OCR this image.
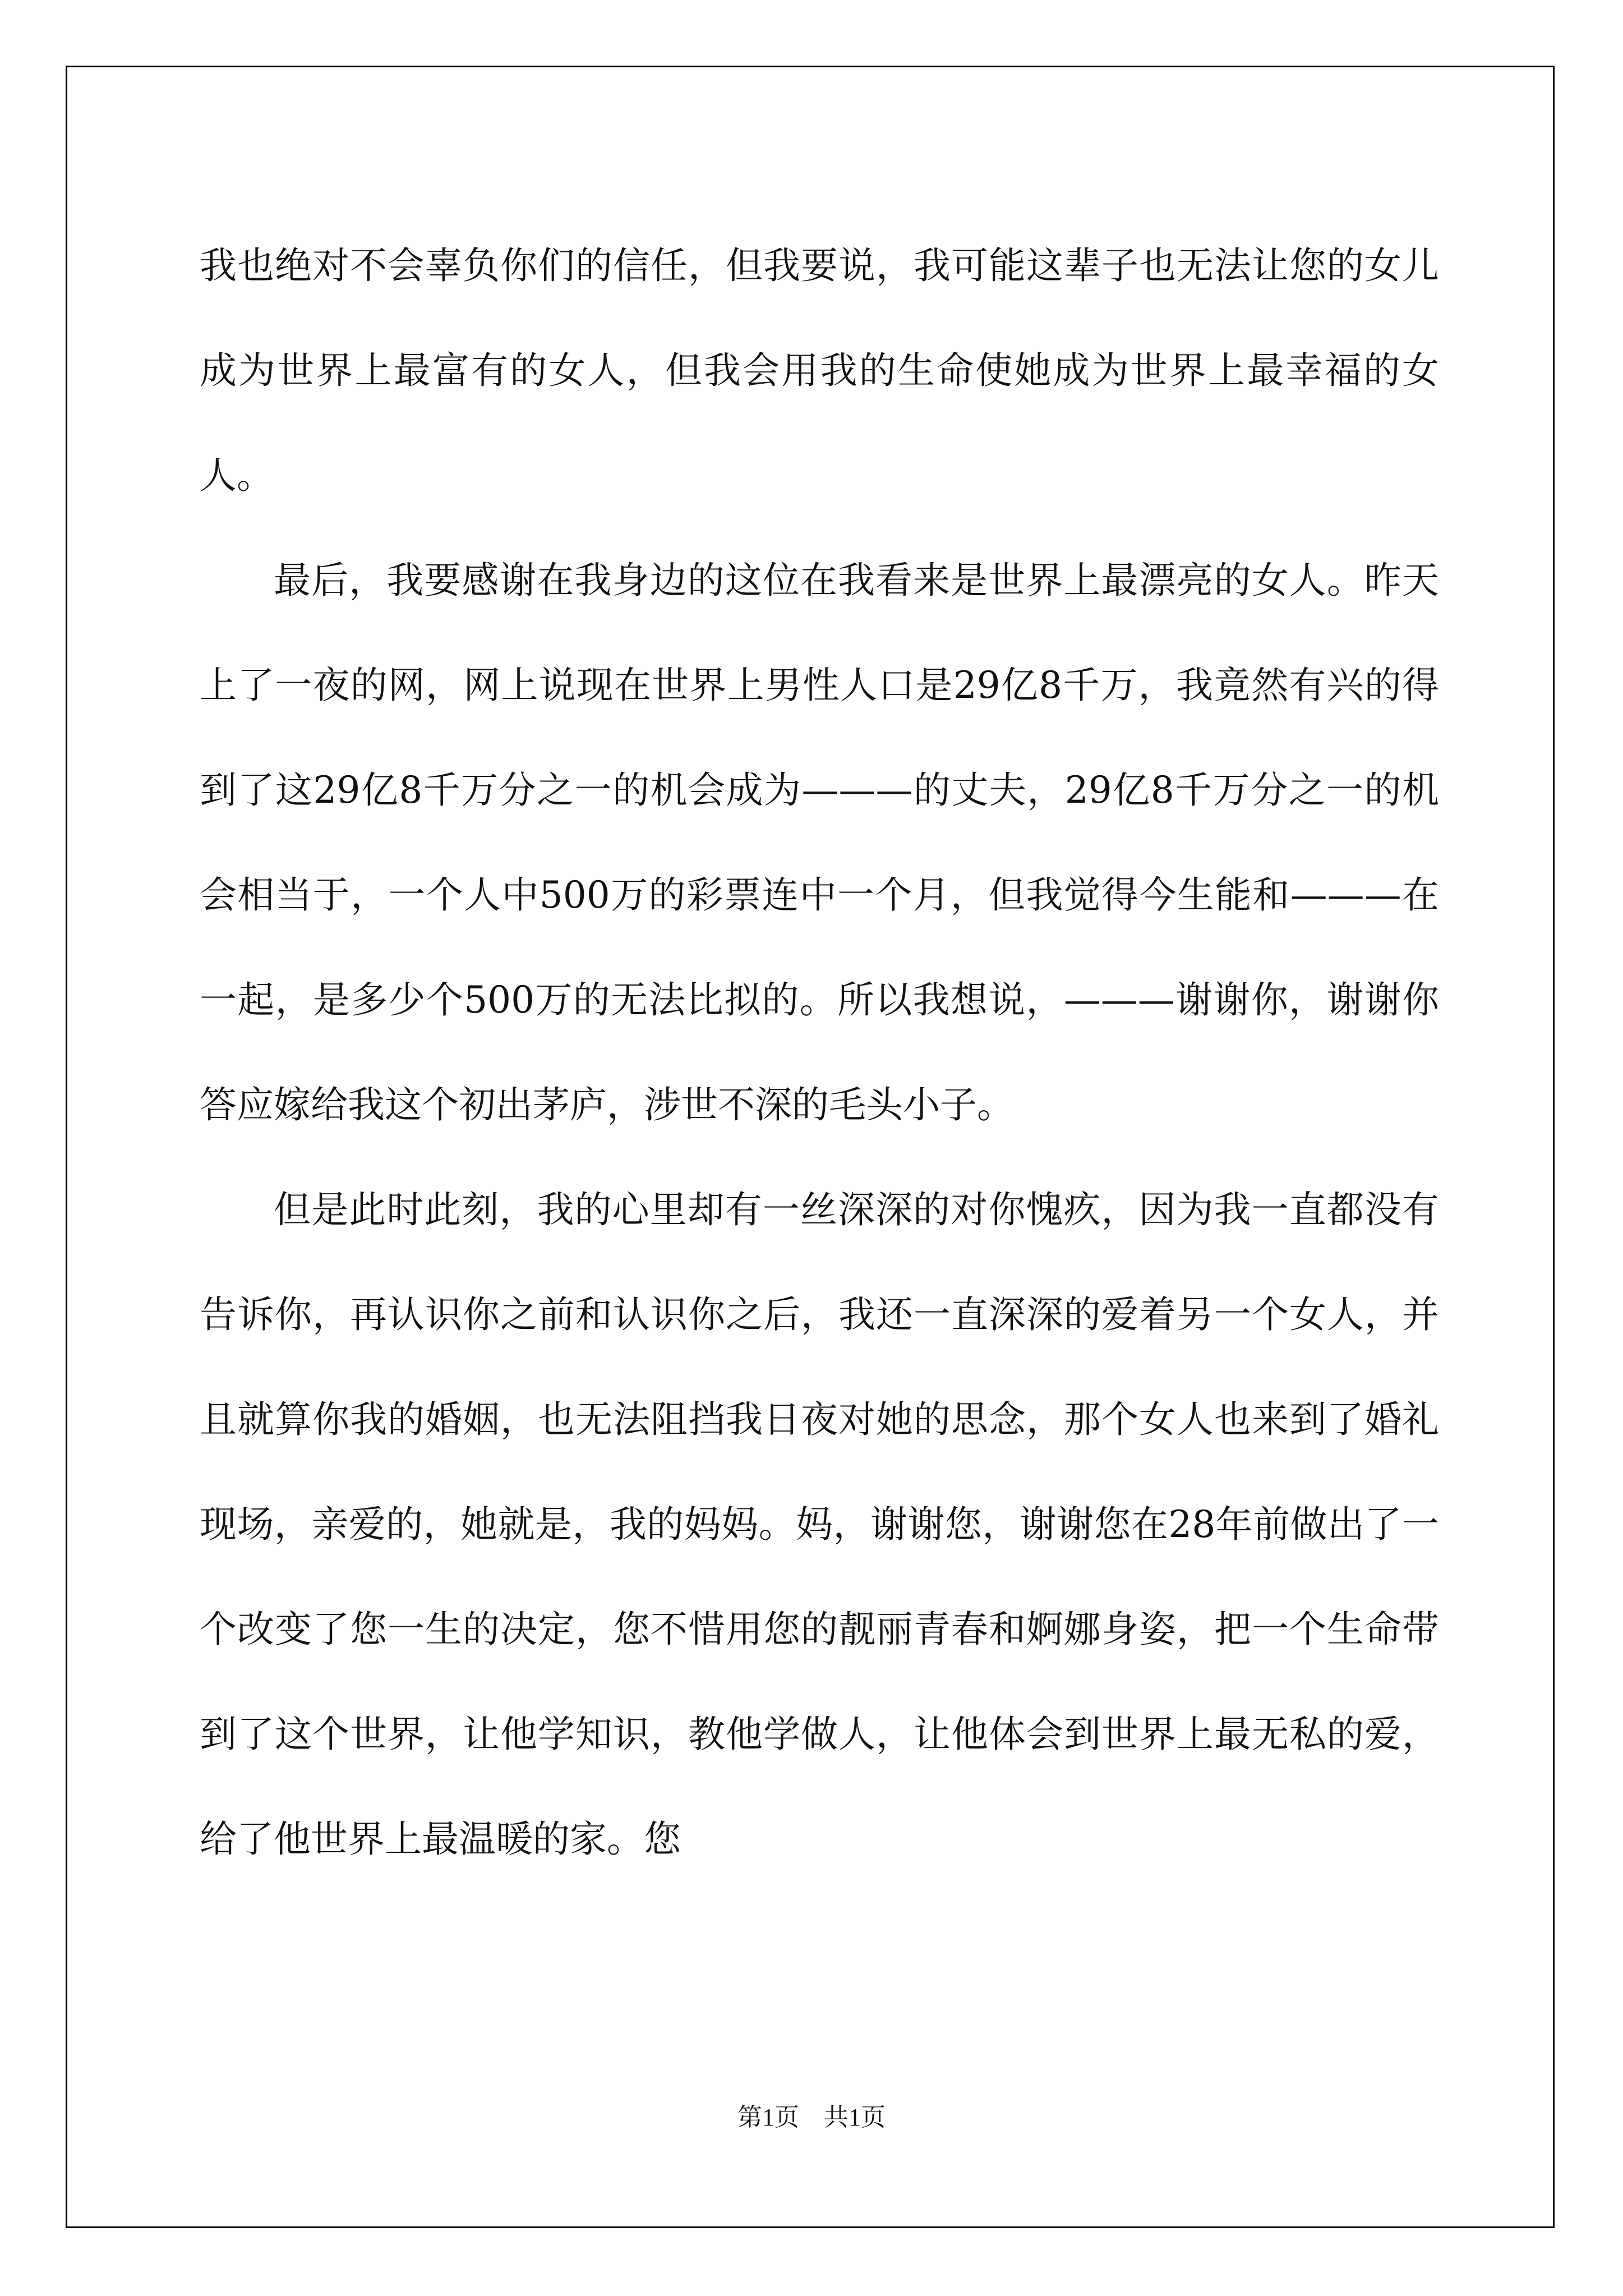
我也绝对不会辜负你们的信任，但我要说，我可能这辈子也无法让您的女儿成为世界上最富有的女人，但我会用我的生命使她成为世界上最幸福的女人。

最后，我要感谢在我身边的这位在我看来是世界上最漂亮的女人。昨天上了一夜的网，网上说现在世界上男性人口是29亿8千万，我竟然有兴的得到了这29亿8千万分之一的机会成为———的丈夫，29亿8千万分之一的机会相当于，一个人中500万的彩票连中一个月，但我觉得今生能和———在一起，是多少个500万的无法比拟的。所以我想说，———谢谢你，谢谢你答应嫁给我这个初出茅庐，涉世不深的毛头小子。

但是此时此刻，我的心里却有一丝深深的对你愧疚，因为我一直都没有告诉你，再认识你之前和认识你之后，我还一直深深的爱着另一个女人，并且就算你我的婚姻，也无法阻挡我日夜对她的思念，那个女人也来到了婚礼现场，亲爱的，她就是，我的妈妈。妈，谢谢您，谢谢您在28年前做出了一个改变了您一生的决定，您不惜用您的靓丽青春和婀娜身姿，把一个生命带到了这个世界，让他学知识，教他学做人，让他体会到世界上最无私的爱，给了他世界上最温暖的家。您

第1页　共1页
